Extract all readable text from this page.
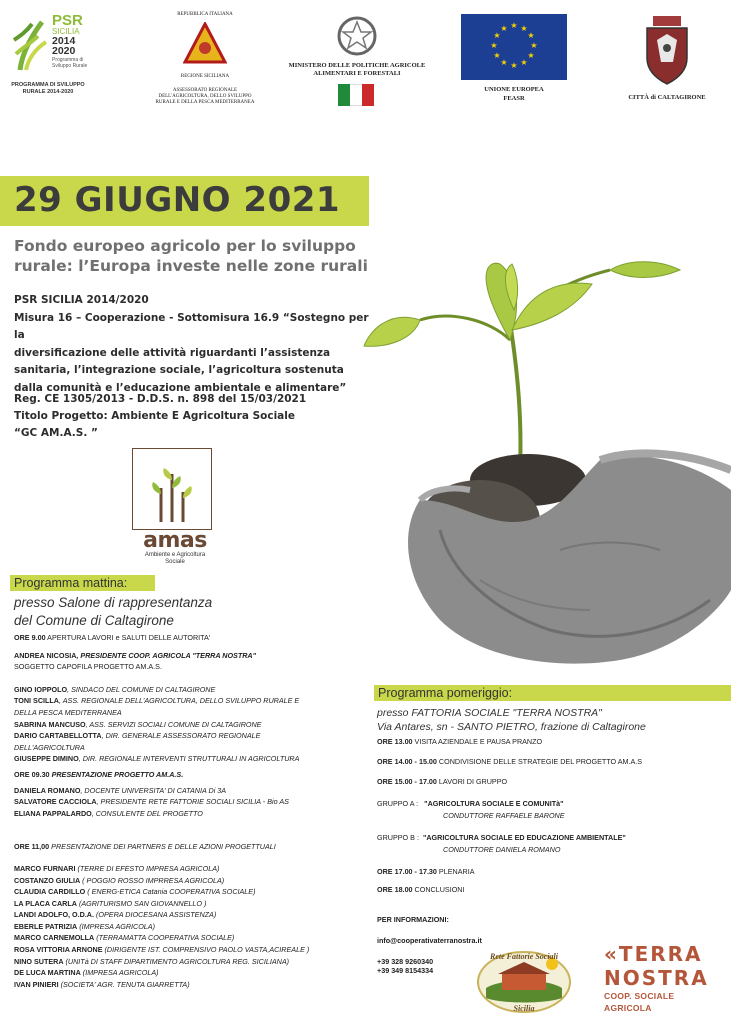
PSR
SICILIA
2014
2020
Programma di Sviluppo Rurale
PROGRAMMA DI SVILUPPO RURALE 2014-2020
REPUBBLICA ITALIANA
REGIONE SICILIANA
ASSESSORATO REGIONALE DELL'AGRICOLTURA, DELLO SVILUPPO RURALE E DELLA PESCA MEDITERRANEA
MINISTERO DELLE POLITICHE AGRICOLE ALIMENTARI E FORESTALI
★ ★
★
★
★
★
★
★
★
★
★
★
UNIONE EUROPEA
FEASR	CITTÀ di CALTAGIRONE
29 GIUGNO 2021
Fondo europeo agricolo per lo sviluppo
rurale: l’Europa investe nelle zone rurali
PSR SICILIA 2014/2020
Misura 16 – Cooperazione - Sottomisura 16.9 “Sostegno per la
diversificazione delle attività riguardanti l’assistenza
sanitaria, l’integrazione sociale, l’agricoltura sostenuta
dalla comunità e l’educazione ambientale e alimentare”
Reg. CE 1305/2013 - D.D.S. n. 898 del 15/03/2021
Titolo Progetto: Ambiente E Agricoltura Sociale
“GC AM.A.S. ”
amas
Ambiente e Agricoltura
Sociale
Programma mattina:
presso Salone di rappresentanza
del Comune di Caltagirone
ORE 9.00 APERTURA LAVORI e SALUTI DELLE AUTORITA'
ANDREA NICOSIA, PRESIDENTE COOP. AGRICOLA "TERRA NOSTRA"
SOGGETTO CAPOFILA PROGETTO AM.A.S.
GINO IOPPOLO, SINDACO DEL COMUNE DI CALTAGIRONE
TONI SCILLA, ASS. REGIONALE DELL'AGRICOLTURA, DELLO SVILUPPO RURALE E
DELLA PESCA MEDITERRANEA
SABRINA MANCUSO, ASS. SERVIZI SOCIALI COMUNE DI CALTAGIRONE
DARIO CARTABELLOTTA, DIR. GENERALE ASSESSORATO REGIONALE
DELL'AGRICOLTURA
GIUSEPPE DIMINO, DIR. REGIONALE INTERVENTI STRUTTURALI IN AGRICOLTURA
ORE 09.30 PRESENTAZIONE PROGETTO AM.A.S.
DANIELA ROMANO, DOCENTE UNIVERSITA' DI CATANIA Di 3A
SALVATORE CACCIOLA, PRESIDENTE RETE FATTORIE SOCIALI SICILIA - Bio AS
ELIANA PAPPALARDO, CONSULENTE DEL PROGETTO
ORE 11,00 PRESENTAZIONE DEI PARTNERS E DELLE AZIONI PROGETTUALI
MARCO FURNARI (TERRE DI EFESTO IMPRESA AGRICOLA)
COSTANZO GIULIA ( POGGIO ROSSO IMPRRESA AGRICOLA)
CLAUDIA CARDILLO ( ENERG-ETICA Catania COOPERATIVA SOCIALE)
LA PLACA CARLA (AGRITURISMO SAN GIOVANNELLO )
LANDI ADOLFO, O.D.A. (OPERA DIOCESANA ASSISTENZA)
EBERLE PATRIZIA (IMPRESA AGRICOLA)
MARCO CARNEMOLLA (TERRAMATTA COOPERATIVA SOCIALE)
ROSA VITTORIA ARNONE (DIRIGENTE IST. COMPRENSIVO PAOLO VASTA,ACIREALE )
NINO SUTERA (UNITà DI STAFF DIPARTIMENTO AGRICOLTURA REG. SICILIANA)
DE LUCA MARTINA (IMPRESA AGRICOLA)
IVAN PINIERI (SOCIETA' AGR. TENUTA GIARRETTA)
Programma pomeriggio:
presso FATTORIA SOCIALE "TERRA NOSTRA"
Via Antares, sn - SANTO PIETRO, frazione di Caltagirone
ORE 13.00 VISITA AZIENDALE E PAUSA PRANZO
ORE 14.00 - 15.00 CONDIVISIONE DELLE STRATEGIE DEL PROGETTO AM.A.S
ORE 15.00 - 17.00 LAVORI DI GRUPPO
GRUPPO A : "AGRICOLTURA SOCIALE E COMUNITà"
CONDUTTORE RAFFAELE BARONE
GRUPPO B : "AGRICOLTURA SOCIALE ED EDUCAZIONE AMBIENTALE"
CONDUTTORE DANIELA ROMANO
ORE 17.00 - 17.30 PLENARIA
ORE 18.00 CONCLUSIONI
PER INFORMAZIONI:
info@cooperativaterranostra.it
+39 328 9260340
+39 349 8154334
Rete Fattorie Sociali
Sicilia
«TERRA
NOSTRA
COOP. SOCIALE AGRICOLA
